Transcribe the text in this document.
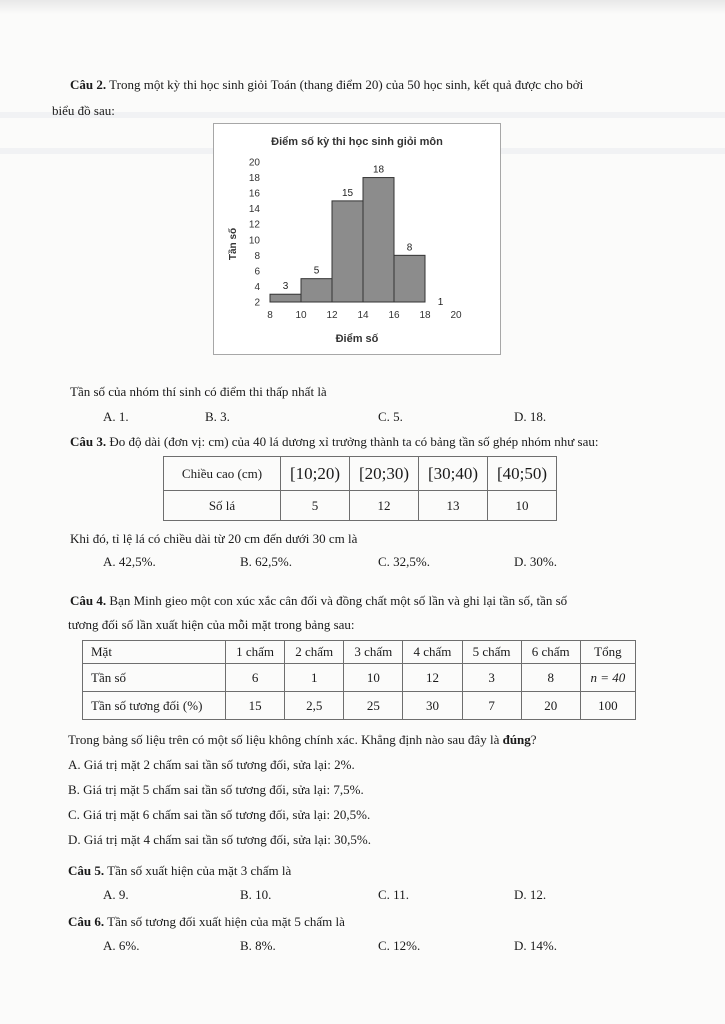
Câu 2. Trong một kỳ thi học sinh giỏi Toán (thang điểm 20) của 50 học sinh, kết quả được cho bởi
biểu đồ sau:
Điểm số kỳ thi học sinh giỏi môn
Tần số
Điểm số
3
5
15
18
8
1
2
4
6
8
10
12
14
16
18
20
8 10 12 14 16 18 20
Tần số của nhóm thí sinh có điểm thi thấp nhất là
A. 1.	B. 3.	C. 5.	D. 18.
Câu 3. Đo độ dài (đơn vị: cm) của 40 lá dương xỉ trưởng thành ta có bảng tần số ghép nhóm như sau:
Chiều cao (cm)	[10;20)	[20;30)	[30;40)	[40;50)
Số lá	5	12	13	10
Khi đó, tỉ lệ lá có chiều dài từ 20 cm đến dưới 30 cm là
A. 42,5%.	B. 62,5%.	C. 32,5%.	D. 30%.
Câu 4. Bạn Minh gieo một con xúc xắc cân đối và đồng chất một số lần và ghi lại tần số, tần số
tương đối số lần xuất hiện của mỗi mặt trong bảng sau:
Mặt	1 chấm	2 chấm	3 chấm	4 chấm	5 chấm	6 chấm	Tổng
Tần số	6	1	10	12	3	8	n = 40
Tần số tương đối (%)	15	2,5	25	30	7	20	100
Trong bảng số liệu trên có một số liệu không chính xác. Khẳng định nào sau đây là đúng?
A. Giá trị mặt 2 chấm sai tần số tương đối, sửa lại: 2%.
B. Giá trị mặt 5 chấm sai tần số tương đối, sửa lại: 7,5%.
C. Giá trị mặt 6 chấm sai tần số tương đối, sửa lại: 20,5%.
D. Giá trị mặt 4 chấm sai tần số tương đối, sửa lại: 30,5%.
Câu 5. Tần số xuất hiện của mặt 3 chấm là
A. 9.	B. 10.	C. 11.	D. 12.
Câu 6. Tần số tương đối xuất hiện của mặt 5 chấm là
A. 6%.	B. 8%.	C. 12%.	D. 14%.
